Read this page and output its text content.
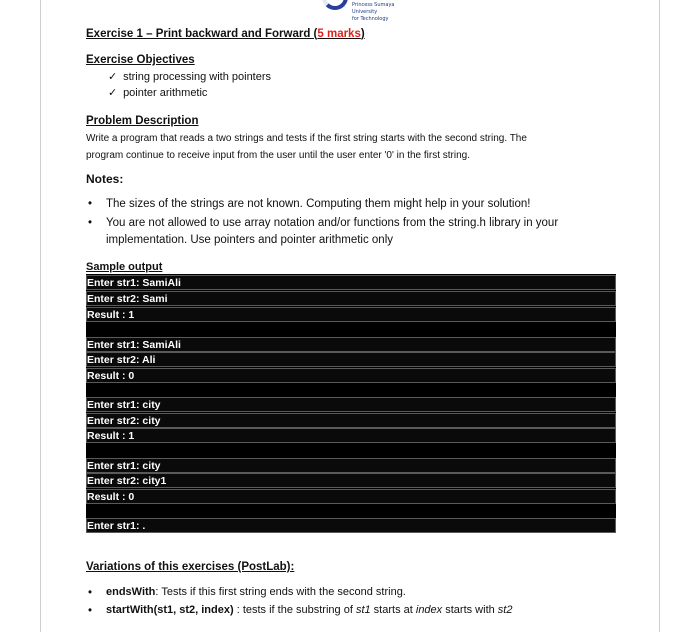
Princess Sumaya
University
for Technology
Exercise 1 – Print backward and Forward (5 marks)
Exercise Objectives
✓ string processing with pointers
✓ pointer arithmetic
Problem Description
Write a program that reads a two strings and tests if the first string starts with the second string. The
program continue to receive input from the user until the user enter '0' in the first string.
Notes:
• The sizes of the strings are not known. Computing them might help in your solution!
• You are not allowed to use array notation and/or functions from the string.h library in your
implementation. Use pointers and pointer arithmetic only
Sample output
Enter str1: SamiAli
Enter str2: Sami
Result : 1
Enter str1: SamiAli
Enter str2: Ali
Result : 0
Enter str1: city
Enter str2: city
Result : 1
Enter str1: city
Enter str2: city1
Result : 0
Enter str1: .
Variations of this exercises (PostLab):
• endsWith: Tests if this first string ends with the second string.
• startWith(st1, st2, index) : tests if the substring of st1 starts at index starts with st2
